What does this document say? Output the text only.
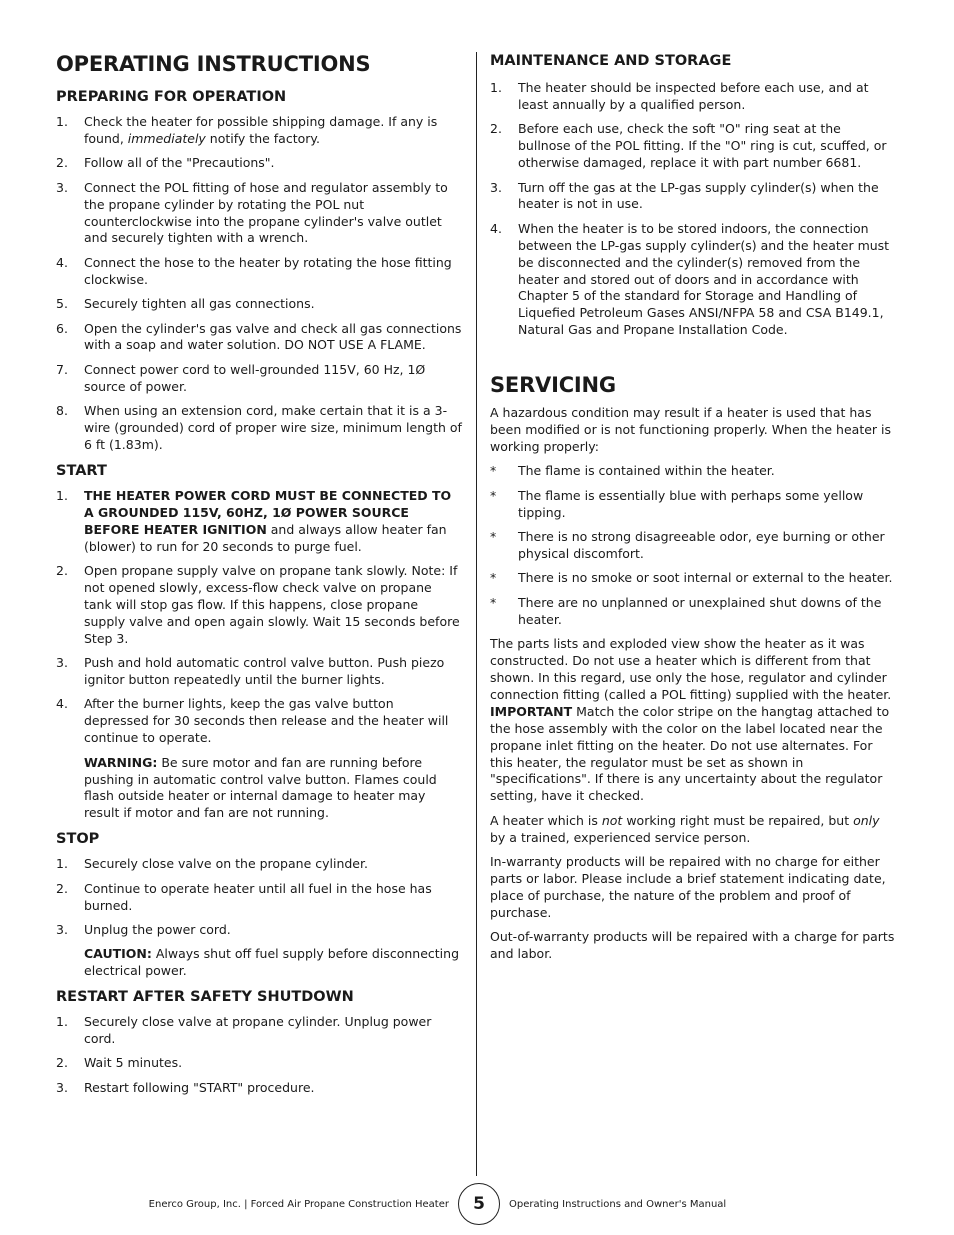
OPERATING INSTRUCTIONS
PREPARING FOR OPERATION
1. Check the heater for possible shipping damage. If any is found, immediately notify the factory.
2. Follow all of the "Precautions".
3. Connect the POL fitting of hose and regulator assembly to the propane cylinder by rotating the POL nut counterclockwise into the propane cylinder's valve outlet and securely tighten with a wrench.
4. Connect the hose to the heater by rotating the hose fitting clockwise.
5. Securely tighten all gas connections.
6. Open the cylinder's gas valve and check all gas connections with a soap and water solution. DO NOT USE A FLAME.
7. Connect power cord to well-grounded 115V, 60 Hz, 1Ø source of power.
8. When using an extension cord, make certain that it is a 3-wire (grounded) cord of proper wire size, minimum length of 6 ft (1.83m).
START
1. THE HEATER POWER CORD MUST BE CONNECTED TO A GROUNDED 115V, 60HZ, 1Ø POWER SOURCE BEFORE HEATER IGNITION and always allow heater fan (blower) to run for 20 seconds to purge fuel.
2. Open propane supply valve on propane tank slowly. Note: If not opened slowly, excess-flow check valve on propane tank will stop gas flow. If this happens, close propane supply valve and open again slowly. Wait 15 seconds before Step 3.
3. Push and hold automatic control valve button. Push piezo ignitor button repeatedly until the burner lights.
4. After the burner lights, keep the gas valve button depressed for 30 seconds then release and the heater will continue to operate.

WARNING: Be sure motor and fan are running before pushing in automatic control valve button. Flames could flash outside heater or internal damage to heater may result if motor and fan are not running.

STOP
1. Securely close valve on the propane cylinder.
2. Continue to operate heater until all fuel in the hose has burned.
3. Unplug the power cord.

CAUTION: Always shut off fuel supply before disconnecting electrical power.

RESTART AFTER SAFETY SHUTDOWN
1. Securely close valve at propane cylinder. Unplug power cord.
2. Wait 5 minutes.
3. Restart following "START" procedure.
MAINTENANCE AND STORAGE
1. The heater should be inspected before each use, and at least annually by a qualified person.
2. Before each use, check the soft "O" ring seat at the bullnose of the POL fitting. If the "O" ring is cut, scuffed, or otherwise damaged, replace it with part number 6681.
3. Turn off the gas at the LP-gas supply cylinder(s) when the heater is not in use.
4. When the heater is to be stored indoors, the connection between the LP-gas supply cylinder(s) and the heater must be disconnected and the cylinder(s) removed from the heater and stored out of doors and in accordance with Chapter 5 of the standard for Storage and Handling of Liquefied Petroleum Gases ANSI/NFPA 58 and CSA B149.1, Natural Gas and Propane Installation Code.
SERVICING

A hazardous condition may result if a heater is used that has been modified or is not functioning properly. When the heater is working properly:

* The flame is contained within the heater.
* The flame is essentially blue with perhaps some yellow tipping.
* There is no strong disagreeable odor, eye burning or other physical discomfort.
* There is no smoke or soot internal or external to the heater.
* There are no unplanned or unexplained shut downs of the heater.

The parts lists and exploded view show the heater as it was constructed. Do not use a heater which is different from that shown. In this regard, use only the hose, regulator and cylinder connection fitting (called a POL fitting) supplied with the heater. IMPORTANT Match the color stripe on the hangtag attached to the hose assembly with the color on the label located near the propane inlet fitting on the heater. Do not use alternates. For this heater, the regulator must be set as shown in "specifications". If there is any uncertainty about the regulator setting, have it checked.

A heater which is not working right must be repaired, but only by a trained, experienced service person.

In-warranty products will be repaired with no charge for either parts or labor. Please include a brief statement indicating date, place of purchase, the nature of the problem and proof of purchase.

Out-of-warranty products will be repaired with a charge for parts and labor.

Enerco Group, Inc. | Forced Air Propane Construction Heater	Operating Instructions and Owner's Manual
5
